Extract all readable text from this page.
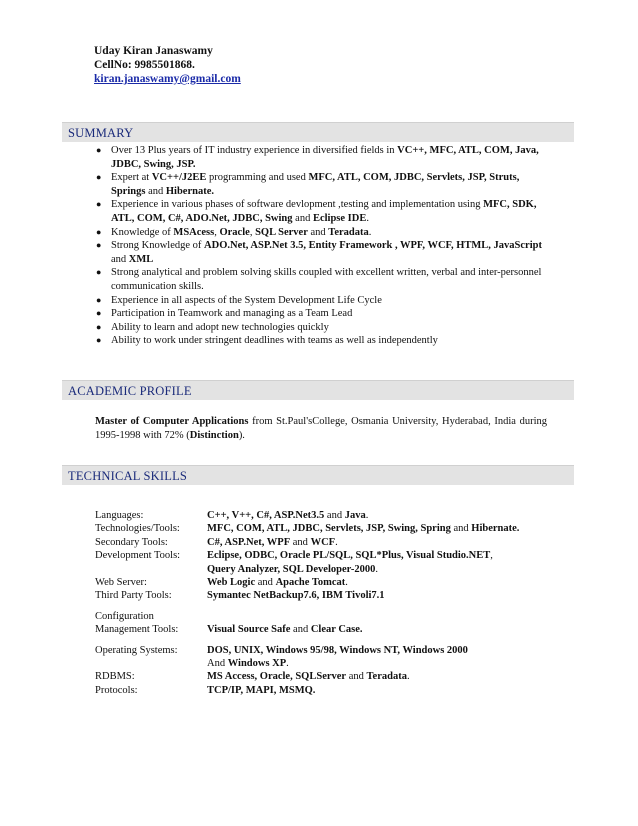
Uday Kiran Janaswamy
CellNo: 9985501868.
kiran.janaswamy@gmail.com
SUMMARY
● Over 13 Plus years of IT industry experience in diversified fields in VC++, MFC, ATL, COM, Java, JDBC, Swing, JSP.
● Expert at VC++/J2EE programming and used MFC, ATL, COM, JDBC, Servlets, JSP, Struts, Springs and Hibernate.
● Experience in various phases of software devlopment ,testing and implementation using MFC, SDK, ATL, COM, C#, ADO.Net, JDBC, Swing and Eclipse IDE.
● Knowledge of MSAcess, Oracle, SQL Server and Teradata.
● Strong Knowledge of ADO.Net, ASP.Net 3.5, Entity Framework , WPF, WCF, HTML, JavaScript and XML
● Strong analytical and problem solving skills coupled with excellent written, verbal and inter-personnel communication skills.
● Experience in all aspects of the System Development Life Cycle
● Participation in Teamwork and managing as a Team Lead
● Ability to learn and adopt new technologies quickly
● Ability to work under stringent deadlines with teams as well as independently
ACADEMIC PROFILE
Master of Computer Applications from St.Paul'sCollege, Osmania University, Hyderabad, India during 1995-1998 with 72% (Distinction).
TECHNICAL SKILLS
Languages:	C++, V++, C#, ASP.Net3.5 and Java.
Technologies/Tools:	MFC, COM, ATL, JDBC, Servlets, JSP, Swing, Spring and Hibernate.
Secondary Tools:	C#, ASP.Net, WPF and WCF.
Development Tools:	Eclipse, ODBC, Oracle PL/SQL, SQL*Plus, Visual Studio.NET,
Query Analyzer, SQL Developer-2000.
Web Server:	Web Logic and Apache Tomcat.
Third Party Tools:	Symantec NetBackup7.6, IBM Tivoli7.1
Configuration
Management Tools:	Visual Source Safe and Clear Case.
Operating Systems:	DOS, UNIX, Windows 95/98, Windows NT, Windows 2000
And Windows XP.
RDBMS:	MS Access, Oracle, SQLServer and Teradata.
Protocols:	TCP/IP, MAPI, MSMQ.
